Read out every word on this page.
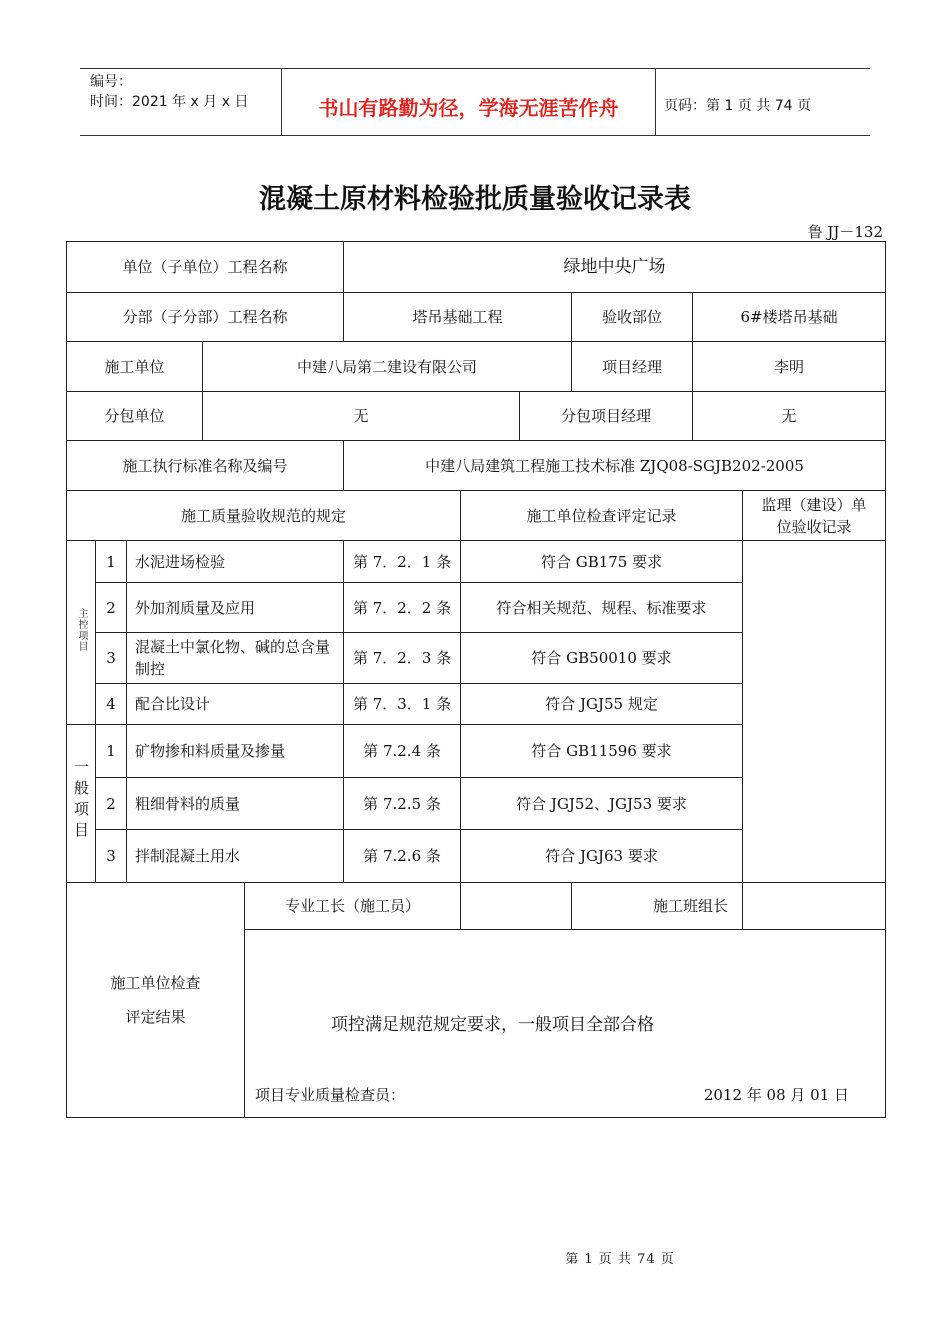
编号：
时间：2021 年 x 月 x 日	书山有路勤为径，学海无涯苦作舟	页码：第 1 页 共 74 页
混凝土原材料检验批质量验收记录表
鲁 JJ－132
单位（子单位）工程名称					绿地中央广场					
分部（子分部）工程名称					塔吊基础工程			验收部位	6#楼塔吊基础	
施工单位			中建八局第二建设有限公司					项目经理	李明	
分包单位			无				分包项目经理		无	
施工执行标准名称及编号					中建八局建筑工程施工技术标准 ZJQ08-SGJB202-2005					
施工质量验收规范的规定						施工单位检查评定记录				监理（建设）单位验收记录
主控项目	1	水泥进场检验			第 7．2．1 条	符合 GB175 要求				
	2	外加剂质量及应用			第 7．2．2 条	符合相关规范、规程、标准要求				
	3	混凝土中氯化物、碱的总含量制控			第 7．2．3 条	符合 GB50010 要求				
	4	配合比设计			第 7．3．1 条	符合 JGJ55 规定				
一般项目	1	矿物掺和料质量及掺量			第 7.2.4 条	符合 GB11596 要求				
	2	粗细骨料的质量			第 7.2.5 条	符合 JGJ52、JGJ53 要求				
	3	拌制混凝土用水			第 7.2.6 条	符合 JGJ63 要求				

施工单位检查
评定结果				专业工长（施工员）				施工班组长		

				项控满足规范规定要求，一般项目全部合格
项目专业质量检查员： 2012 年 08 月 01 日						
第 1 页 共 74 页
